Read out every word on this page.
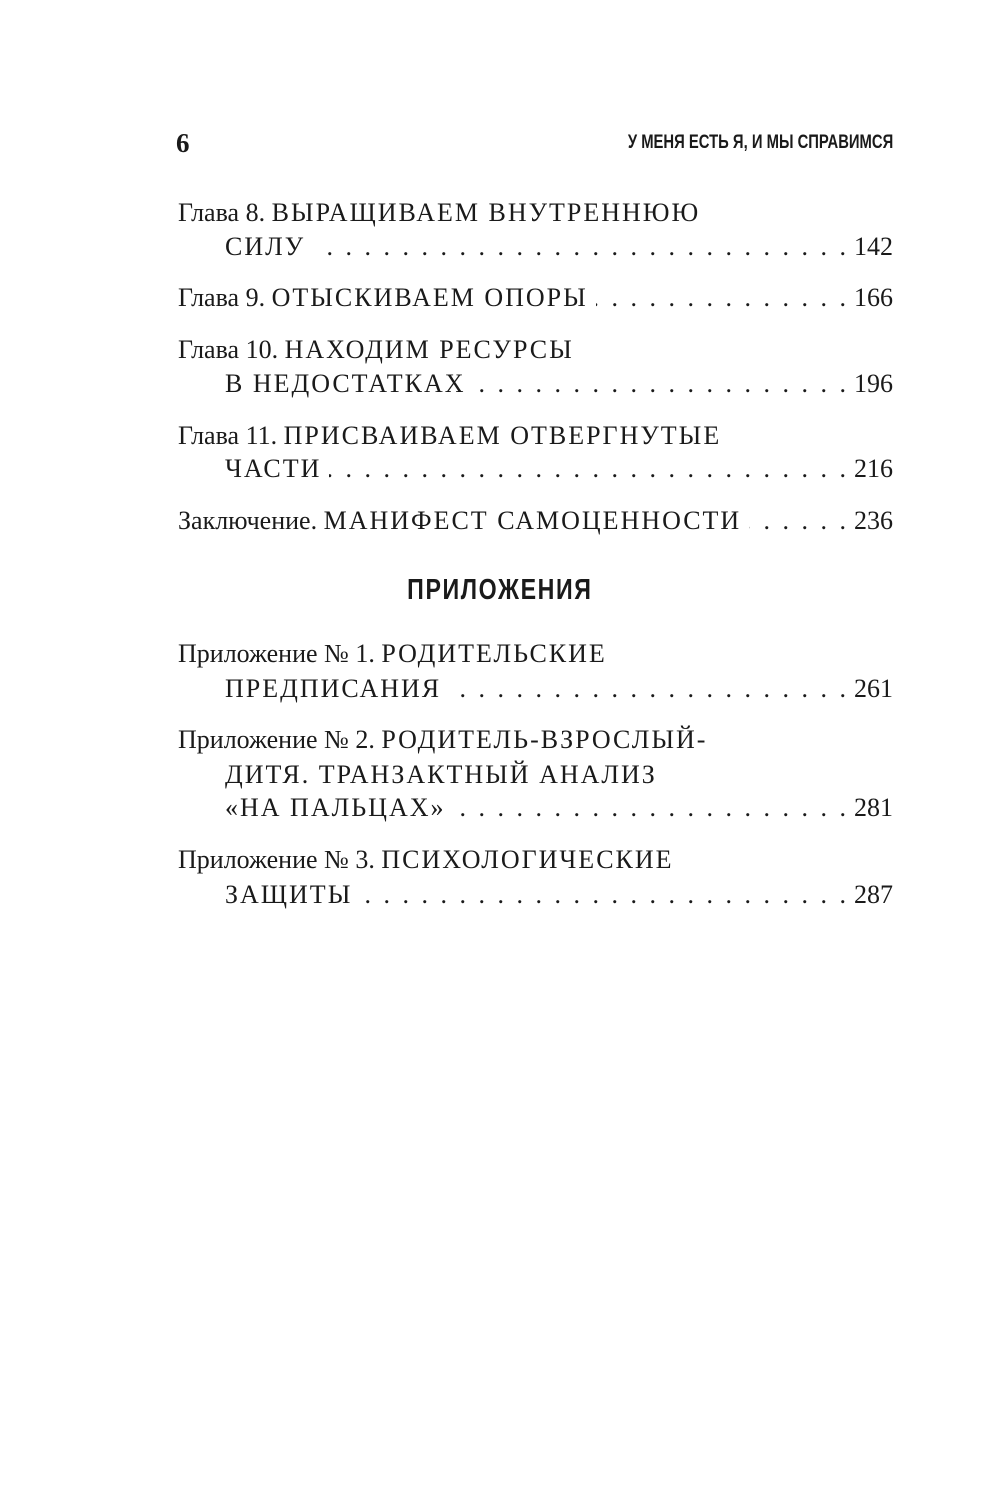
6	У МЕНЯ ЕСТЬ Я, И МЫ СПРАВИМСЯ
Глава 8.
ВЫРАЩИВАЕМ ВНУТРЕННЮЮ
СИЛУ . . .	142
Глава 9.
ОТЫСКИВАЕМ ОПОРЫ . . .	166
Глава 10.
НАХОДИМ РЕСУРСЫ
В НЕДОСТАТКАХ . . .	196
Глава 11.
ПРИСВАИВАЕМ ОТВЕРГНУТЫЕ
ЧАСТИ . . .	216
Заключение.
МАНИФЕСТ САМОЦЕННОСТИ . . .	236
ПРИЛОЖЕНИЯ
Приложение № 1.
РОДИТЕЛЬСКИЕ
ПРЕДПИСАНИЯ . . .	261
Приложение № 2.
РОДИТЕЛЬ-ВЗРОСЛЫЙ-
ДИТЯ. ТРАНЗАКТНЫЙ АНАЛИЗ
«НА ПАЛЬЦАХ» . . .	281
Приложение № 3.
ПСИХОЛОГИЧЕСКИЕ
ЗАЩИТЫ . . .	287
